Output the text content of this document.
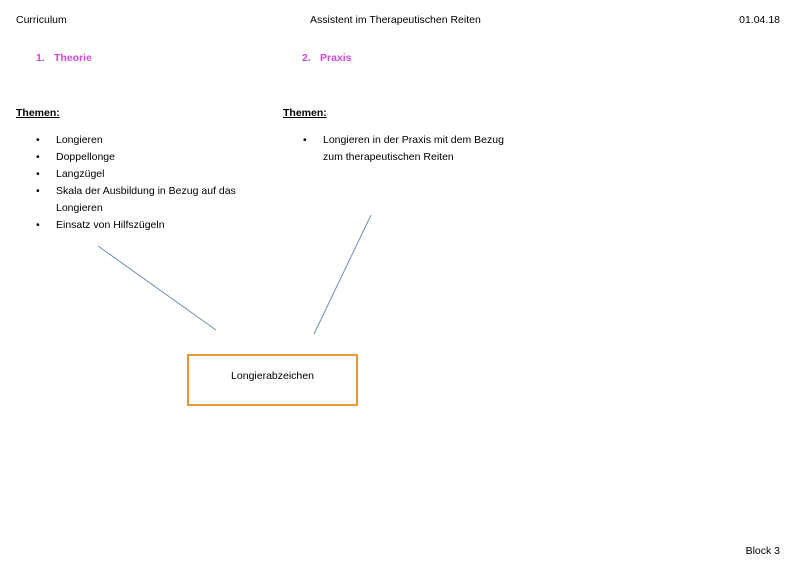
Curriculum	Assistent im Therapeutischen Reiten	01.04.18
1. Theorie	2. Praxis
Themen:	Themen:
• Longieren
• Doppellonge
• Langzügel
• Skala der Ausbildung in Bezug auf das Longieren
• Einsatz von Hilfszügeln
• Longieren in der Praxis mit dem Bezug zum therapeutischen Reiten
Longierabzeichen
Block 3
